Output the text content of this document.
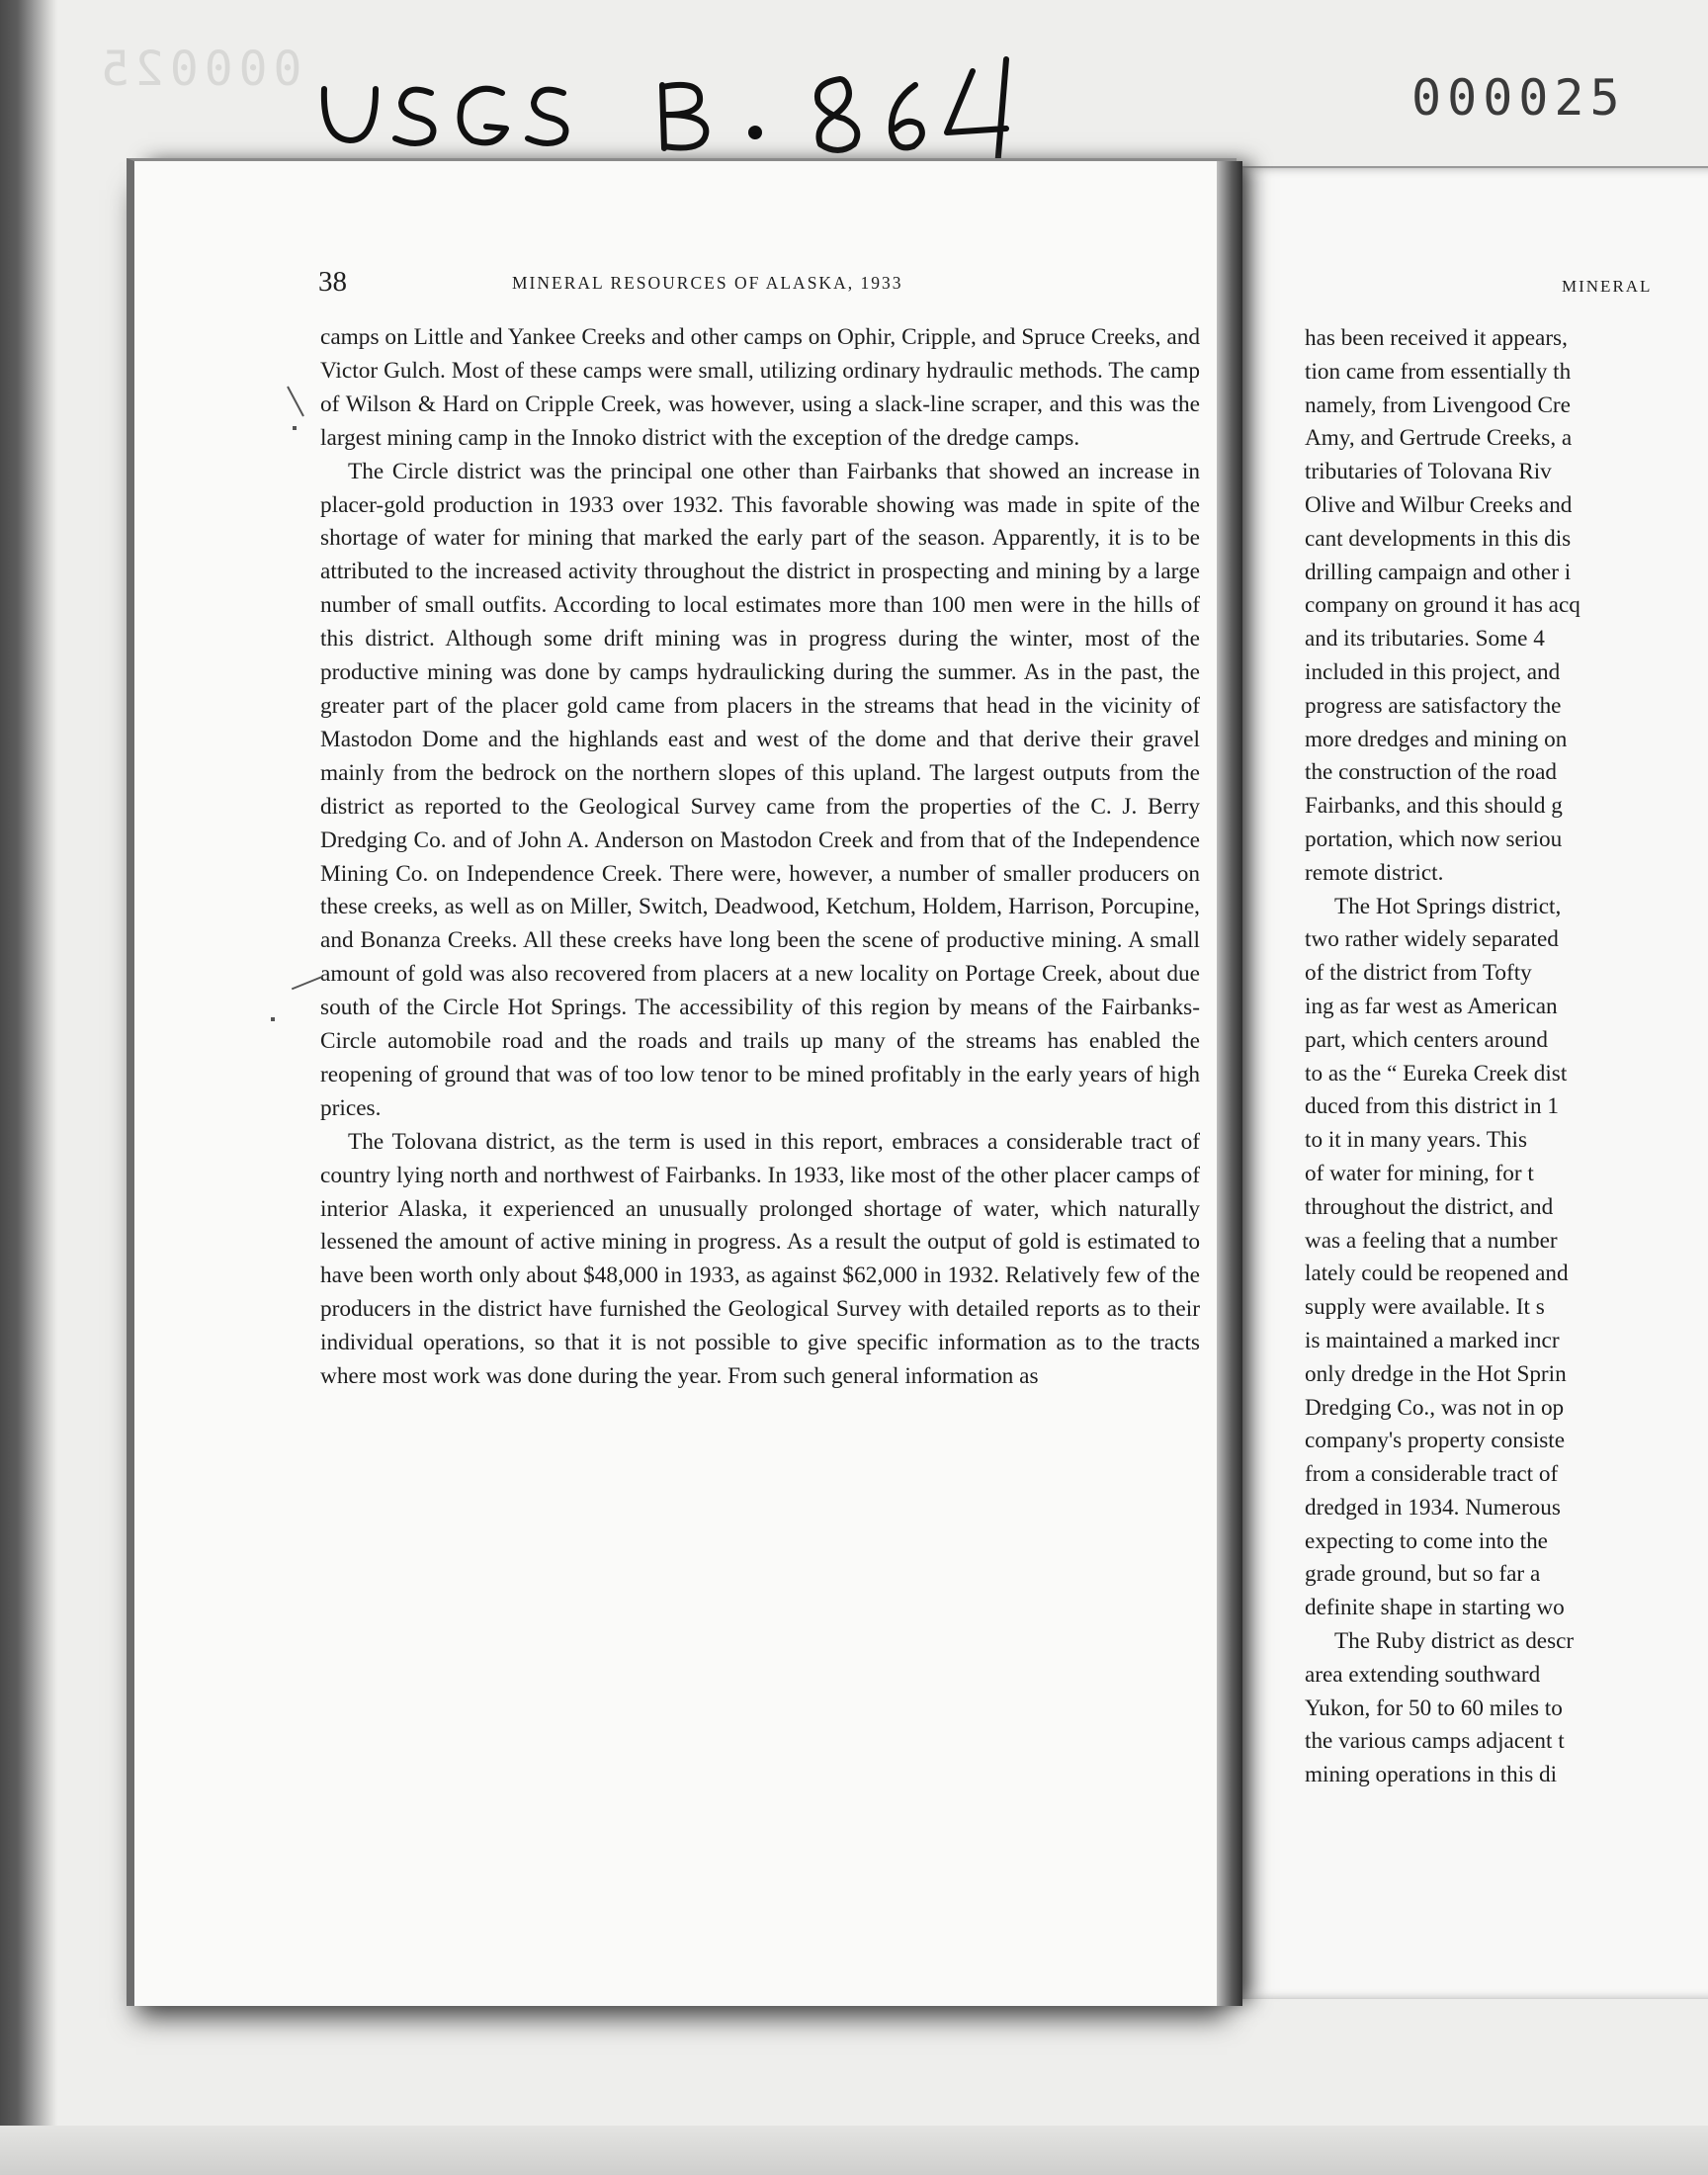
000025	000025
MINERAL
has been received it appears,
tion came from essentially th
namely, from Livengood Cre
Amy, and Gertrude Creeks, a
tributaries of Tolovana Riv
Olive and Wilbur Creeks and
cant developments in this dis
drilling campaign and other i
company on ground it has acq
and its tributaries. Some 4
included in this project, and
progress are satisfactory the
more dredges and mining on
the construction of the road
Fairbanks, and this should g
portation, which now seriou
remote district.
The Hot Springs district,
two rather widely separated
of the district from Tofty
ing as far west as American
part, which centers around
to as the “ Eureka Creek dist
duced from this district in 1
to it in many years. This
of water for mining, for t
throughout the district, and
was a feeling that a number
lately could be reopened and
supply were available. It s
is maintained a marked incr
only dredge in the Hot Sprin
Dredging Co., was not in op
company's property consiste
from a considerable tract of
dredged in 1934. Numerous
expecting to come into the
grade ground, but so far a
definite shape in starting wo
The Ruby district as descr
area extending southward
Yukon, for 50 to 60 miles to
the various camps adjacent t
mining operations in this di
38	MINERAL RESOURCES OF ALASKA, 1933

camps on Little and Yankee Creeks and other camps on Ophir, Cripple, and Spruce Creeks, and Victor Gulch. Most of these camps were small, utilizing ordinary hydraulic methods. The camp of Wilson & Hard on Cripple Creek, was however, using a slack-line scraper, and this was the largest mining camp in the Innoko district with the exception of the dredge camps.

The Circle district was the principal one other than Fairbanks that showed an increase in placer-gold production in 1933 over 1932. This favorable showing was made in spite of the shortage of water for mining that marked the early part of the season. Apparently, it is to be attributed to the increased activity throughout the district in prospecting and mining by a large number of small outfits. According to local estimates more than 100 men were in the hills of this district. Although some drift mining was in progress during the winter, most of the productive mining was done by camps hydraulicking during the summer. As in the past, the greater part of the placer gold came from placers in the streams that head in the vicinity of Mastodon Dome and the highlands east and west of the dome and that derive their gravel mainly from the bedrock on the northern slopes of this upland. The largest outputs from the district as reported to the Geological Survey came from the properties of the C. J. Berry Dredging Co. and of John A. Anderson on Mastodon Creek and from that of the Independence Mining Co. on Independence Creek. There were, however, a number of smaller producers on these creeks, as well as on Miller, Switch, Deadwood, Ketchum, Holdem, Harrison, Porcupine, and Bonanza Creeks. All these creeks have long been the scene of productive mining. A small amount of gold was also recovered from placers at a new locality on Portage Creek, about due south of the Circle Hot Springs. The accessibility of this region by means of the Fairbanks-Circle automobile road and the roads and trails up many of the streams has enabled the reopening of ground that was of too low tenor to be mined profitably in the early years of high prices.

The Tolovana district, as the term is used in this report, embraces a considerable tract of country lying north and northwest of Fairbanks. In 1933, like most of the other placer camps of interior Alaska, it experienced an unusually prolonged shortage of water, which naturally lessened the amount of active mining in progress. As a result the output of gold is estimated to have been worth only about $48,000 in 1933, as against $62,000 in 1932. Relatively few of the producers in the district have furnished the Geological Survey with detailed reports as to their individual operations, so that it is not possible to give specific information as to the tracts where most work was done during the year. From such general information as
